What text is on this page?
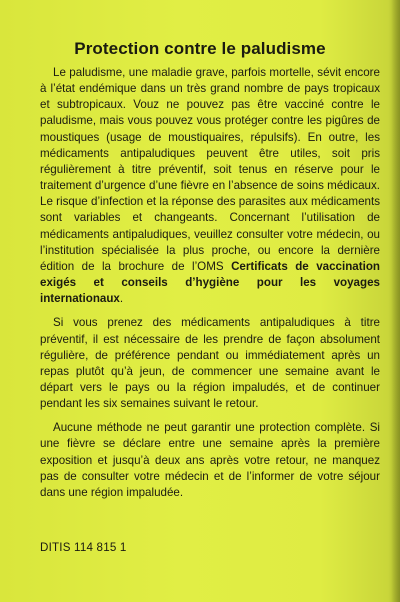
Protection contre le paludisme

Le paludisme, une maladie grave, parfois mortelle, sévit encore à l’état endémique dans un très grand nombre de pays tropicaux et subtropicaux. Vouz ne pouvez pas être vacciné contre le paludisme, mais vous pouvez vous protéger contre les pigûres de moustiques (usage de moustiquaires, répulsifs). En outre, les médicaments antipaludiques peuvent être utiles, soit pris régulièrement à titre préventif, soit tenus en réserve pour le traitement d’urgence d’une fièvre en l’absence de soins médicaux. Le risque d’infection et la réponse des parasites aux médicaments sont variables et changeants. Concernant l’utilisation de médicaments antipaludiques, veuillez consulter votre médecin, ou l’institution spécialisée la plus proche, ou encore la dernière édition de la brochure de l’OMS Certificats de vaccination exigés et conseils d’hygiène pour les voyages internationaux.

Si vous prenez des médicaments antipaludiques à titre préventif, il est nécessaire de les prendre de façon absolument régulière, de préférence pendant ou immédiatement après un repas plutôt qu’à jeun, de commencer une semaine avant le départ vers le pays ou la région impaludés, et de continuer pendant les six semaines suivant le retour.

Aucune méthode ne peut garantir une protection complète. Si une fièvre se déclare entre une semaine après la première exposition et jusqu’à deux ans après votre retour, ne manquez pas de consulter votre médecin et de l’informer de votre séjour dans une région impaludée.

DITIS 114 815 1
